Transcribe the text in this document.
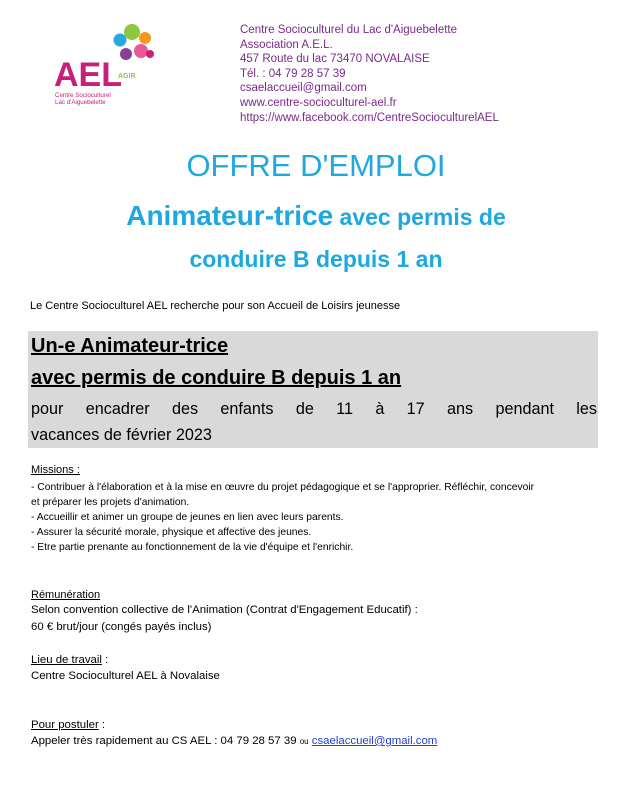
AEL
AGIR
Centre Socioculturel
Lac d'Aiguebelette
Centre Socioculturel du Lac d'Aiguebelette
Association A.E.L.
457 Route du lac 73470 NOVALAISE
Tél. : 04 79 28 57 39
csaelaccueil@gmail.com
www.centre-socioculturel-ael.fr
https://www.facebook.com/CentreSocioculturelAEL
OFFRE D'EMPLOI
Animateur-trice avec permis de
conduire B depuis 1 an
Le Centre Socioculturel AEL recherche pour son Accueil de Loisirs jeunesse
Un-e Animateur-trice
avec permis de conduire B depuis 1 an
pour encadrer des enfants de 11 à 17 ans pendant les
vacances de février 2023
Missions :
- Contribuer à l'élaboration et à la mise en œuvre du projet pédagogique et se l'approprier. Réfléchir, concevoir
et préparer les projets d'animation.
- Accueillir et animer un groupe de jeunes en lien avec leurs parents.
- Assurer la sécurité morale, physique et affective des jeunes.
- Etre partie prenante au fonctionnement de la vie d'équipe et l'enrichir.
Rémunération
Selon convention collective de l'Animation (Contrat d'Engagement Educatif) :
60 € brut/jour (congés payés inclus)
Lieu de travail :
Centre Socioculturel AEL à Novalaise
Pour postuler :
Appeler très rapidement au CS AEL : 04 79 28 57 39 ou csaelaccueil@gmail.com
